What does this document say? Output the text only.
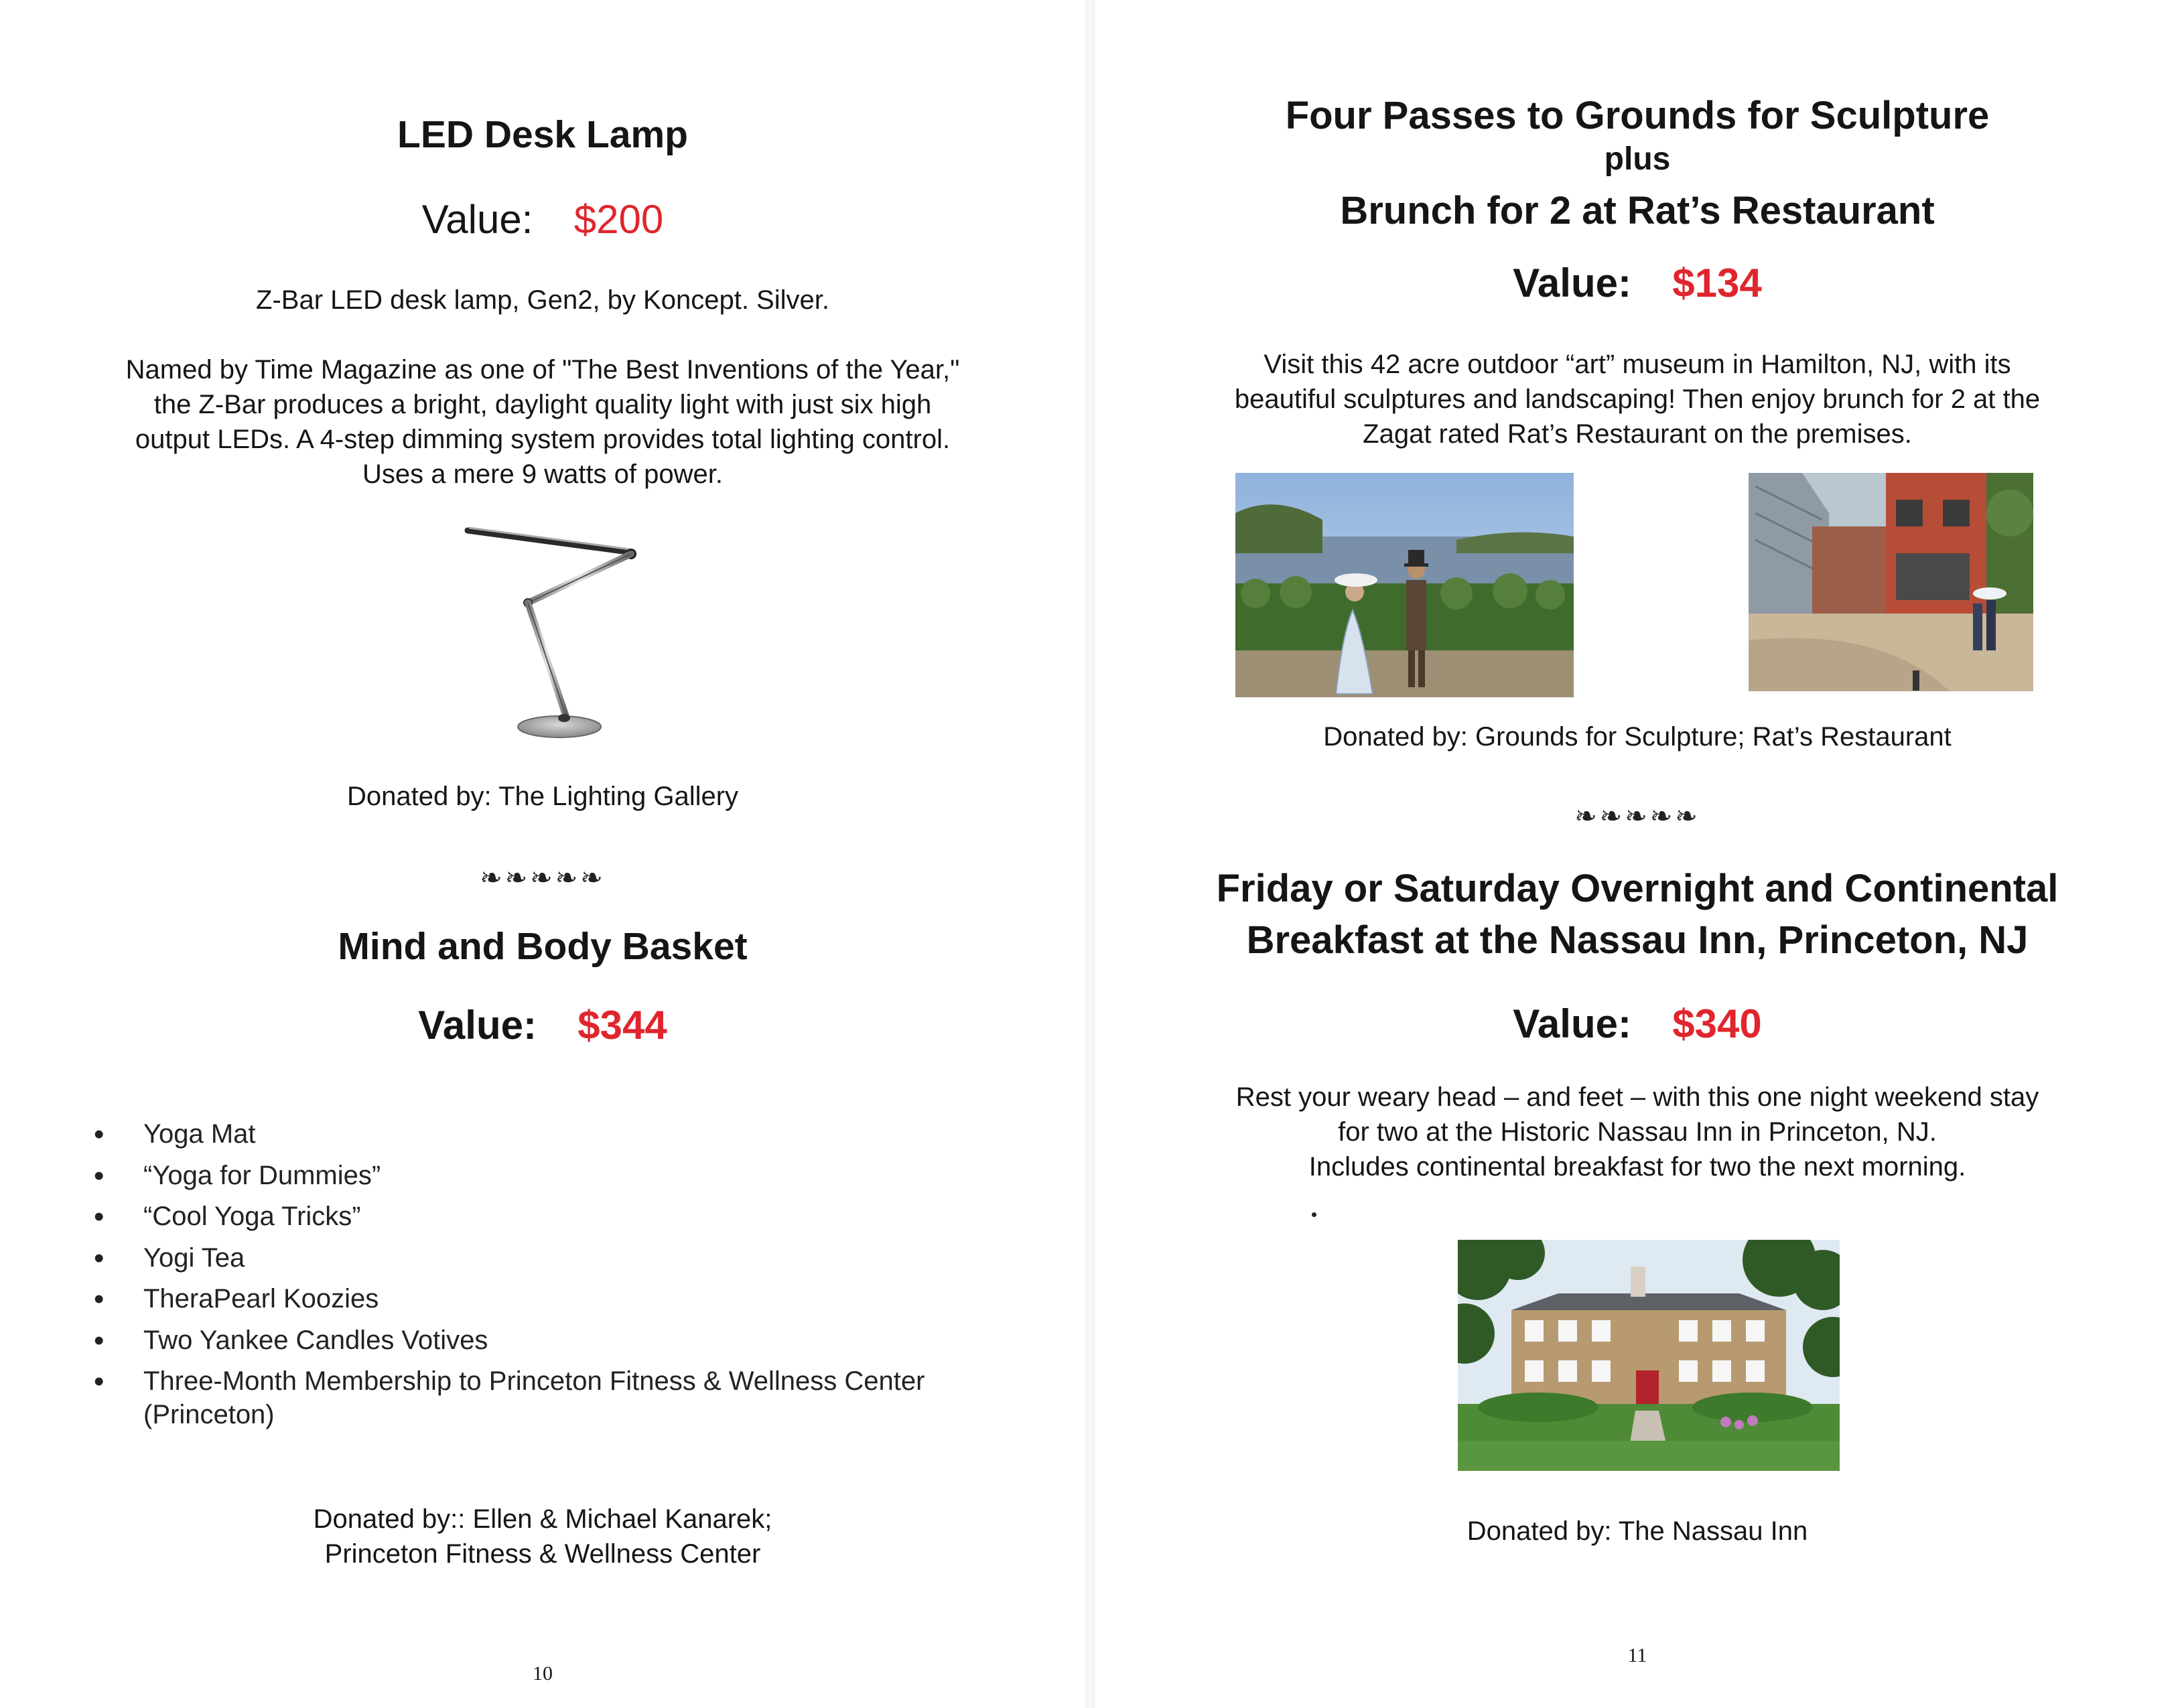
LED Desk Lamp
Value: $200
Z-Bar LED desk lamp, Gen2, by Koncept. Silver.
Named by Time Magazine as one of "The Best Inventions of the Year,"
the Z-Bar produces a bright, daylight quality light with just six high
output LEDs. A 4-step dimming system provides total lighting control.
Uses a mere 9 watts of power.
Donated by: The Lighting Gallery
❧❧❧❧❧
Mind and Body Basket
Value: $344
• Yoga Mat
• “Yoga for Dummies”
• “Cool Yoga Tricks”
• Yogi Tea
• TheraPearl Koozies
• Two Yankee Candles Votives
• Three-Month Membership to Princeton Fitness & Wellness Center
(Princeton)
Donated by:: Ellen & Michael Kanarek;
Princeton Fitness & Wellness Center
10
Four Passes to Grounds for Sculpture
plus
Brunch for 2 at Rat’s Restaurant
Value: $134
Visit this 42 acre outdoor “art” museum in Hamilton, NJ, with its
beautiful sculptures and landscaping! Then enjoy brunch for 2 at the
Zagat rated Rat’s Restaurant on the premises.
Donated by: Grounds for Sculpture; Rat’s Restaurant
❧❧❧❧❧
Friday or Saturday Overnight and Continental
Breakfast at the Nassau Inn, Princeton, NJ
Value: $340
Rest your weary head – and feet – with this one night weekend stay
for two at the Historic Nassau Inn in Princeton, NJ.
Includes continental breakfast for two the next morning.
Donated by: The Nassau Inn
11
